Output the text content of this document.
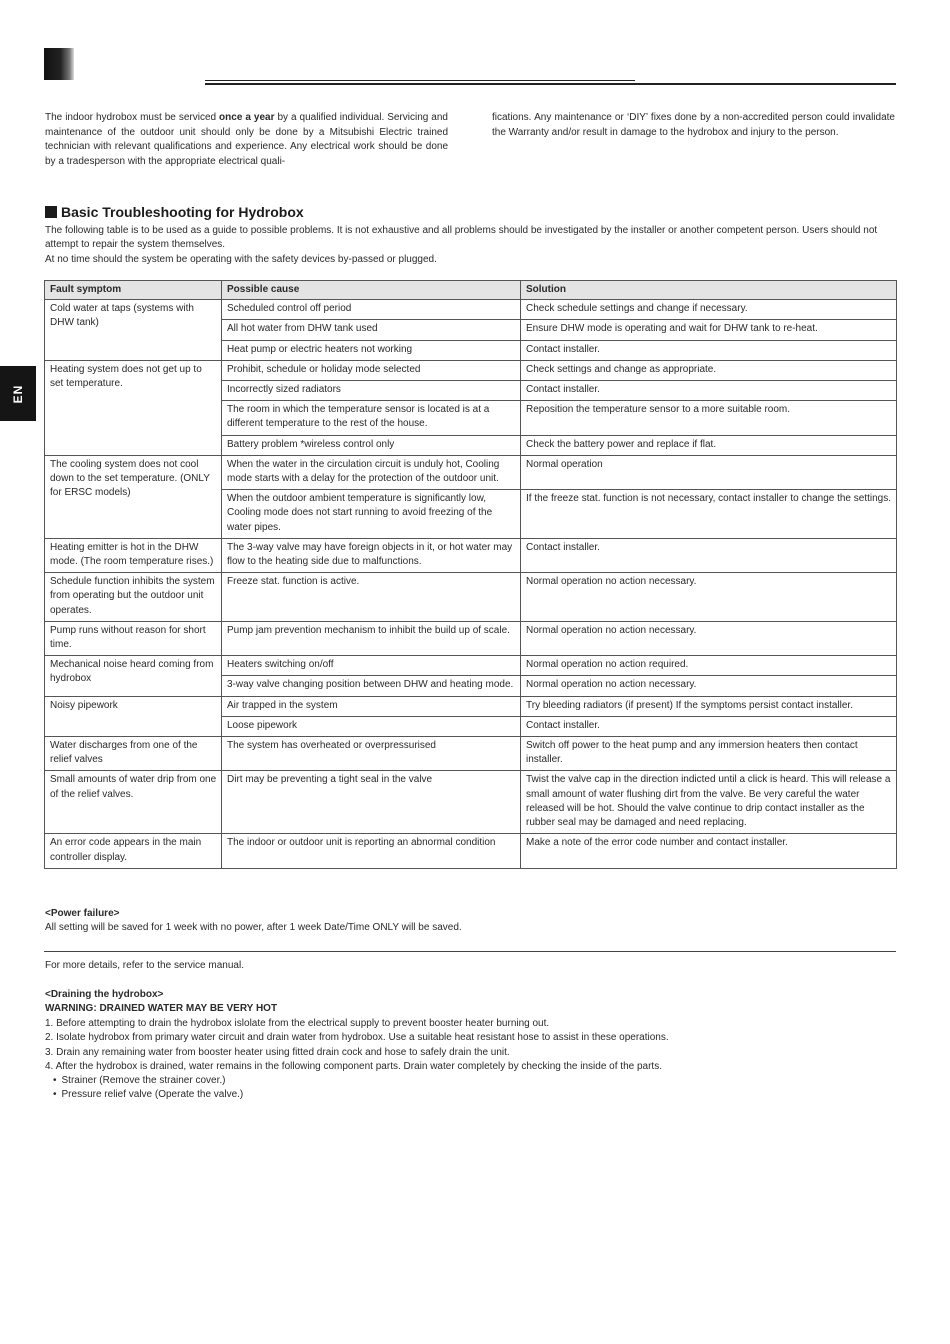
EN
The indoor hydrobox must be serviced once a year by a qualified individual. Servicing and maintenance of the outdoor unit should only be done by a Mitsubishi Electric trained technician with relevant qualifications and experience. Any electrical work should be done by a tradesperson with the appropriate electrical quali-
fications. Any maintenance or ‘DIY’ fixes done by a non-accredited person could invalidate the Warranty and/or result in damage to the hydrobox and injury to the person.
Basic Troubleshooting for Hydrobox

The following table is to be used as a guide to possible problems. It is not exhaustive and all problems should be investigated by the installer or another competent person. Users should not attempt to repair the system themselves.

At no time should the system be operating with the safety devices by-passed or plugged.

Fault symptom	Possible cause	Solution
Cold water at taps (systems with DHW tank)	Scheduled control off period	Check schedule settings and change if necessary.
	All hot water from DHW tank used	Ensure DHW mode is operating and wait for DHW tank to re-heat.
	Heat pump or electric heaters not working	Contact installer.
Heating system does not get up to set temperature.	Prohibit, schedule or holiday mode selected	Check settings and change as appropriate.
	Incorrectly sized radiators	Contact installer.
	The room in which the temperature sensor is located is at a different temperature to the rest of the house.	Reposition the temperature sensor to a more suitable room.
	Battery problem *wireless control only	Check the battery power and replace if flat.
The cooling system does not cool down to the set temperature. (ONLY for ERSC models)	When the water in the circulation circuit is unduly hot, Cooling mode starts with a delay for the protection of the outdoor unit.	Normal operation
	When the outdoor ambient temperature is significantly low, Cooling mode does not start running to avoid freezing of the water pipes.	If the freeze stat. function is not necessary, contact installer to change the settings.
Heating emitter is hot in the DHW mode. (The room temperature rises.)	The 3-way valve may have foreign objects in it, or hot water may flow to the heating side due to malfunctions.	Contact installer.
Schedule function inhibits the system from operating but the outdoor unit operates.	Freeze stat. function is active.	Normal operation no action necessary.
Pump runs without reason for short time.	Pump jam prevention mechanism to inhibit the build up of scale.	Normal operation no action necessary.
Mechanical noise heard coming from hydrobox	Heaters switching on/off	Normal operation no action required.
	3-way valve changing position between DHW and heating mode.	Normal operation no action necessary.
Noisy pipework	Air trapped in the system	Try bleeding radiators (if present) If the symptoms persist contact installer.
	Loose pipework	Contact installer.
Water discharges from one of the relief valves	The system has overheated or overpressurised	Switch off power to the heat pump and any immersion heaters then contact installer.
Small amounts of water drip from one of the relief valves.	Dirt may be preventing a tight seal in the valve	Twist the valve cap in the direction indicted until a click is heard. This will release a small amount of water flushing dirt from the valve. Be very careful the water released will be hot. Should the valve continue to drip contact installer as the rubber seal may be damaged and need replacing.
An error code appears in the main controller display.	The indoor or outdoor unit is reporting an abnormal condition	Make a note of the error code number and contact installer.
<Power failure>
All setting will be saved for 1 week with no power, after 1 week Date/Time ONLY will be saved.
For more details, refer to the service manual.
<Draining the hydrobox>
WARNING: DRAINED WATER MAY BE VERY HOT
1. Before attempting to drain the hydrobox islolate from the electrical supply to prevent booster heater burning out.
2. Isolate hydrobox from primary water circuit and drain water from hydrobox. Use a suitable heat resistant hose to assist in these operations.
3. Drain any remaining water from booster heater using fitted drain cock and hose to safely drain the unit.
4. After the hydrobox is drained, water remains in the following component parts. Drain water completely by checking the inside of the parts.
• Strainer (Remove the strainer cover.)
• Pressure relief valve (Operate the valve.)
